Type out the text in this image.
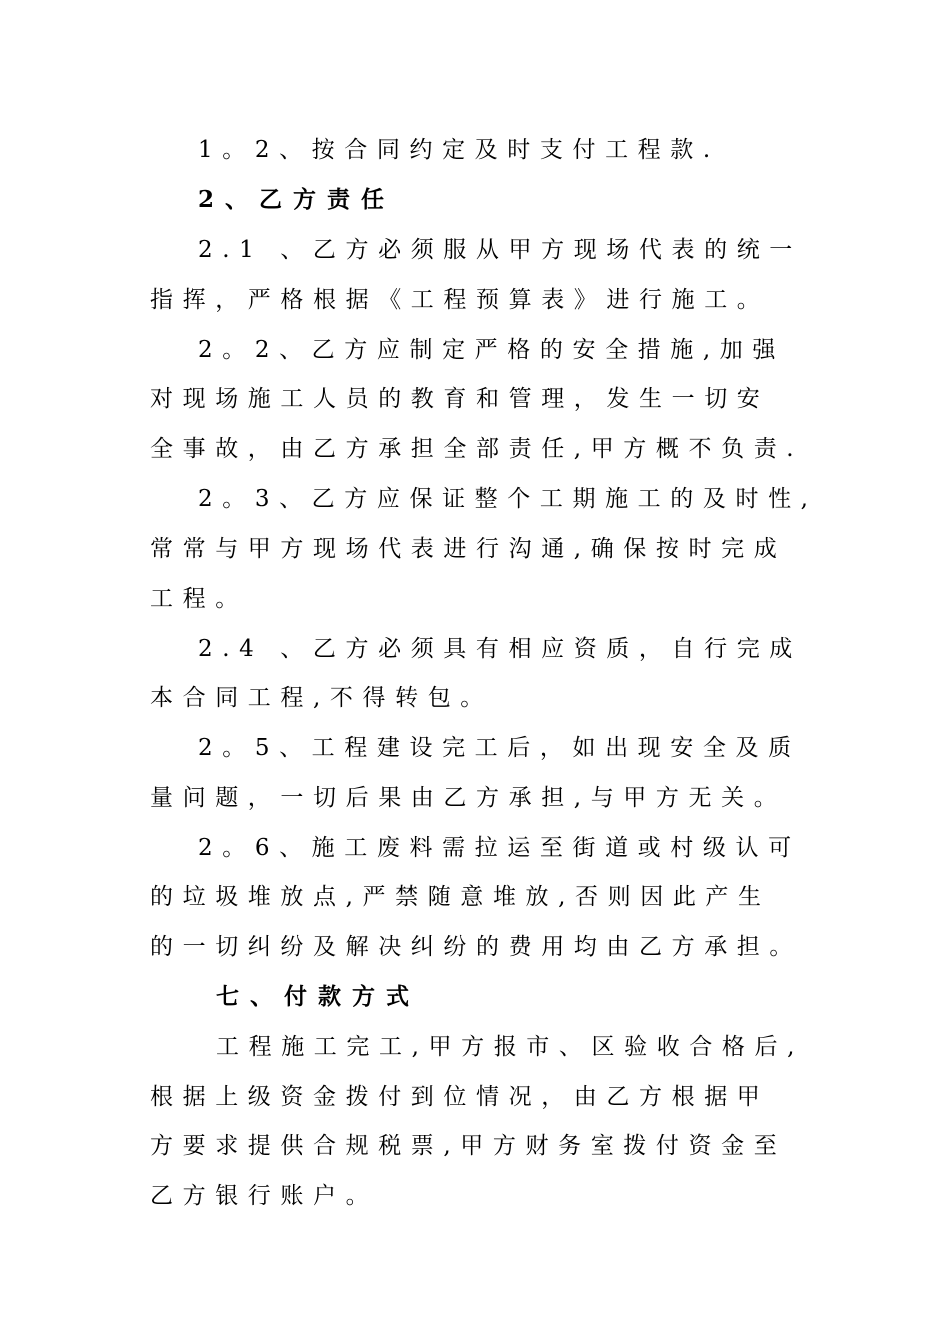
1。2、按合同约定及时支付工程款.
2、乙方责任
2.1 、乙方必须服从甲方现场代表的统一
指挥，严格根据《工程预算表》进行施工。
2。2、乙方应制定严格的安全措施,加强
对现场施工人员的教育和管理，发生一切安
全事故，由乙方承担全部责任,甲方概不负责.
2。3、乙方应保证整个工期施工的及时性,
常常与甲方现场代表进行沟通,确保按时完成
工程。
2.4 、乙方必须具有相应资质，自行完成
本合同工程,不得转包。
2。5、工程建设完工后，如出现安全及质
量问题，一切后果由乙方承担,与甲方无关。
2。6、施工废料需拉运至街道或村级认可
的垃圾堆放点,严禁随意堆放,否则因此产生
的一切纠纷及解决纠纷的费用均由乙方承担。
七、付款方式
工程施工完工,甲方报市、区验收合格后,
根据上级资金拨付到位情况，由乙方根据甲
方要求提供合规税票,甲方财务室拨付资金至
乙方银行账户。
